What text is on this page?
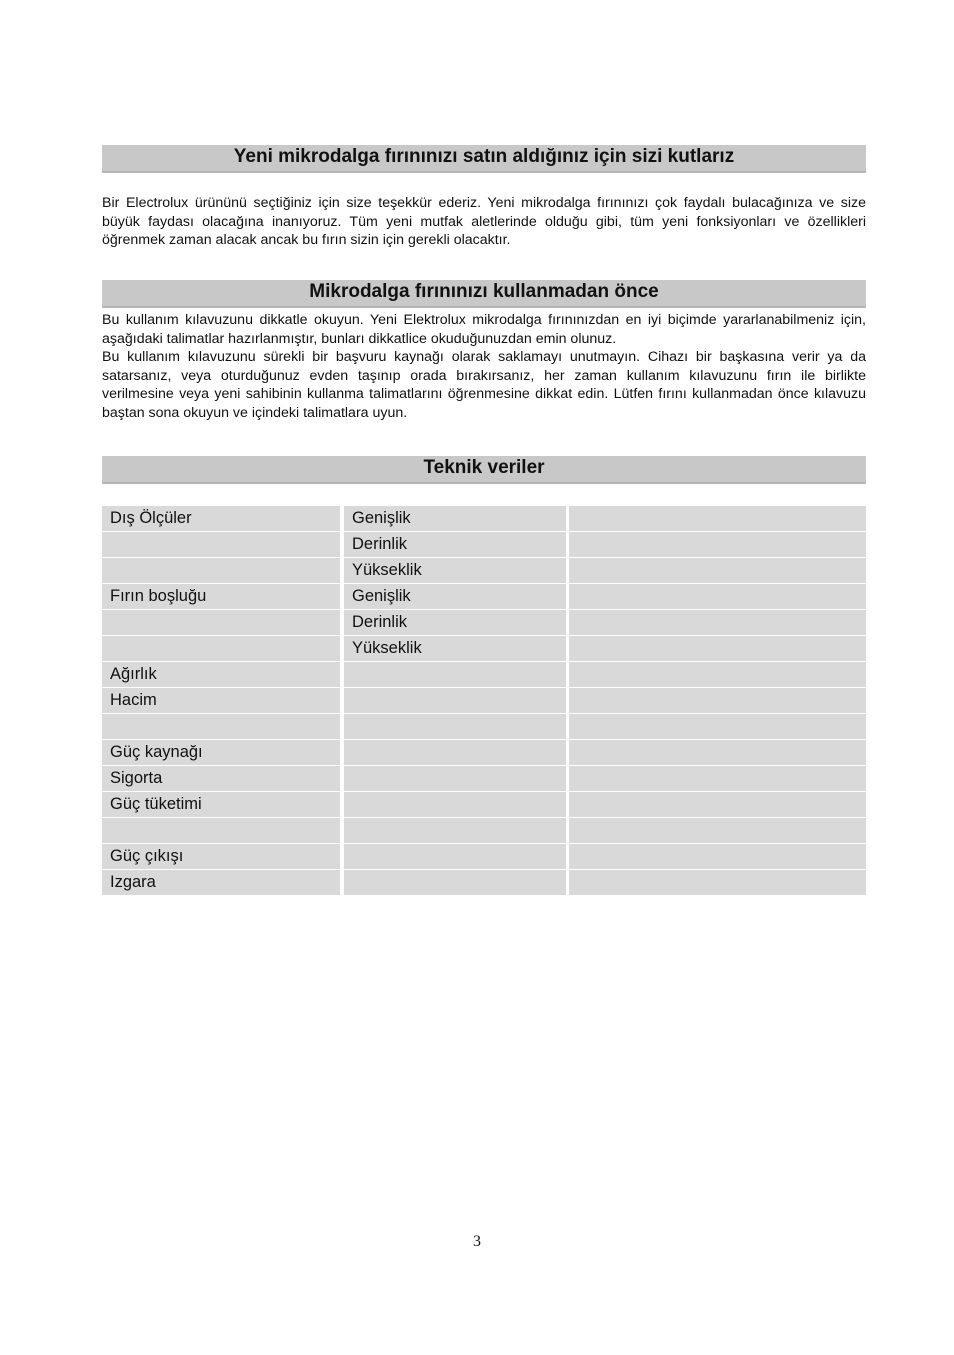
Yeni mikrodalga fırınınızı satın aldığınız için sizi kutlarız

Bir Electrolux ürününü seçtiğiniz için size teşekkür ederiz. Yeni mikrodalga fırınınızı çok faydalı bulacağınıza ve size büyük faydası olacağına inanıyoruz. Tüm yeni mutfak aletlerinde olduğu gibi, tüm yeni fonksiyonları ve özellikleri öğrenmek zaman alacak ancak bu fırın sizin için gerekli olacaktır.

Mikrodalga fırınınızı kullanmadan önce

Bu kullanım kılavuzunu dikkatle okuyun. Yeni Elektrolux mikrodalga fırınınızdan en iyi biçimde yararlanabilmeniz için, aşağıdaki talimatlar hazırlanmıştır, bunları dikkatlice okuduğunuzdan emin olunuz.

Bu kullanım kılavuzunu sürekli bir başvuru kaynağı olarak saklamayı unutmayın. Cihazı bir başkasına verir ya da satarsanız, veya oturduğunuz evden taşınıp orada bırakırsanız, her zaman kullanım kılavuzunu fırın ile birlikte verilmesine veya yeni sahibinin kullanma talimatlarını öğrenmesine dikkat edin. Lütfen fırını kullanmadan önce kılavuzu baştan sona okuyun ve içindeki talimatlara uyun.

Teknik veriler
Dış Ölçüler	Genişlik	
	Derinlik	
	Yükseklik	
Fırın boşluğu	Genişlik	
	Derinlik	
	Yükseklik	
Ağırlık		
Hacim		

Güç kaynağı		
Sigorta		
Güç tüketimi		

Güç çıkışı		
Izgara		
3
